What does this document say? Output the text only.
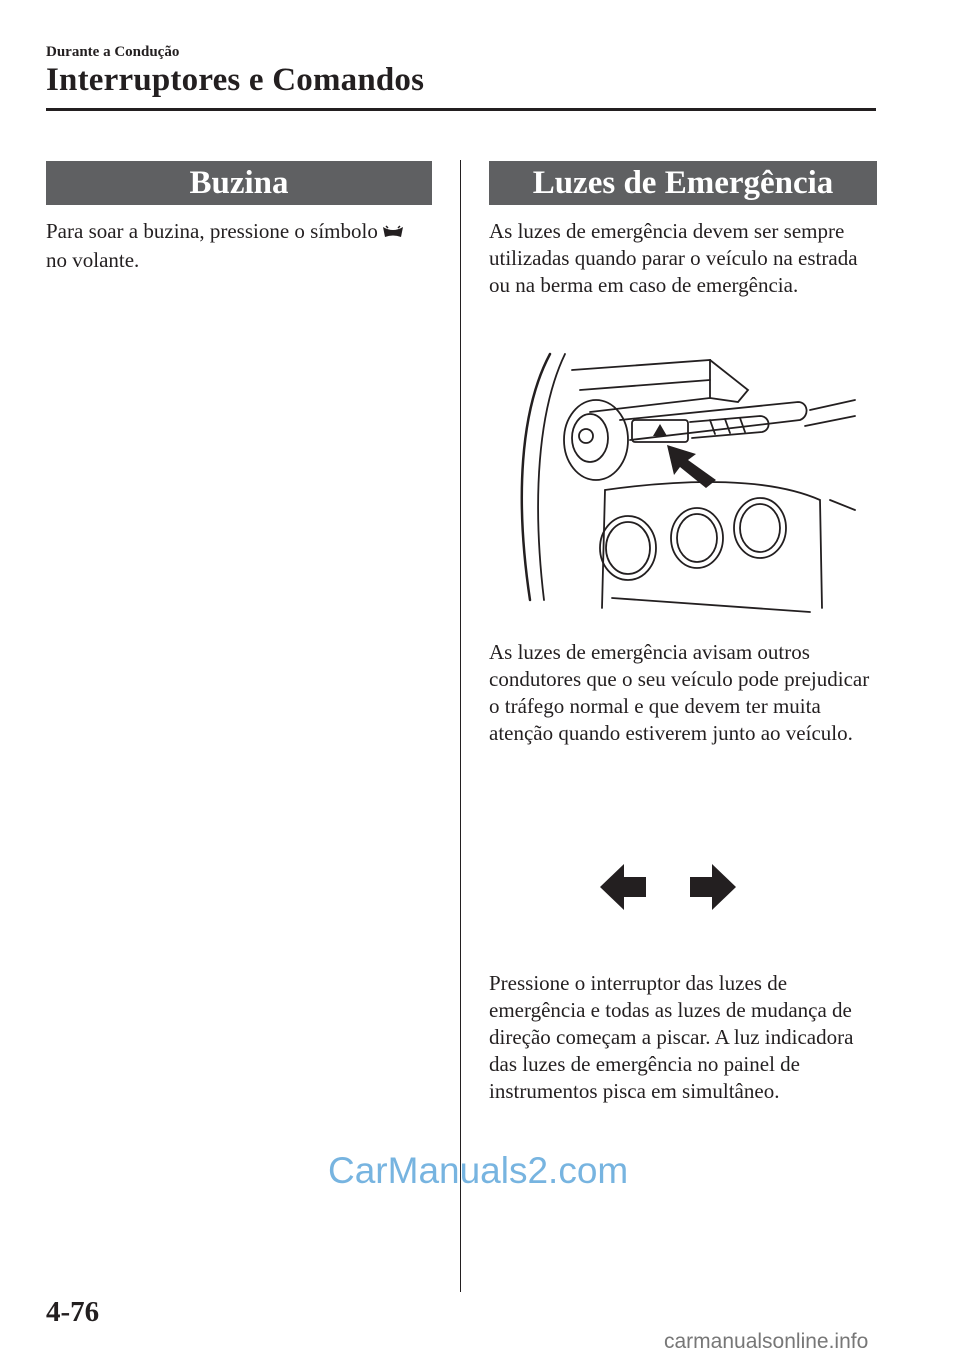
Durante a Condução
Interruptores e Comandos
Buzina
Para soar a buzina, pressione o símbolo
no volante.
Luzes de Emergência
As luzes de emergência devem ser sempre utilizadas quando parar o veículo na estrada ou na berma em caso de emergência.
As luzes de emergência avisam outros condutores que o seu veículo pode prejudicar o tráfego normal e que devem ter muita atenção quando estiverem junto ao veículo.
Pressione o interruptor das luzes de emergência e todas as luzes de mudança de direção começam a piscar. A luz indicadora das luzes de emergência no painel de instrumentos pisca em simultâneo.
CarManuals2.com
4-76
carmanualsonline.info
